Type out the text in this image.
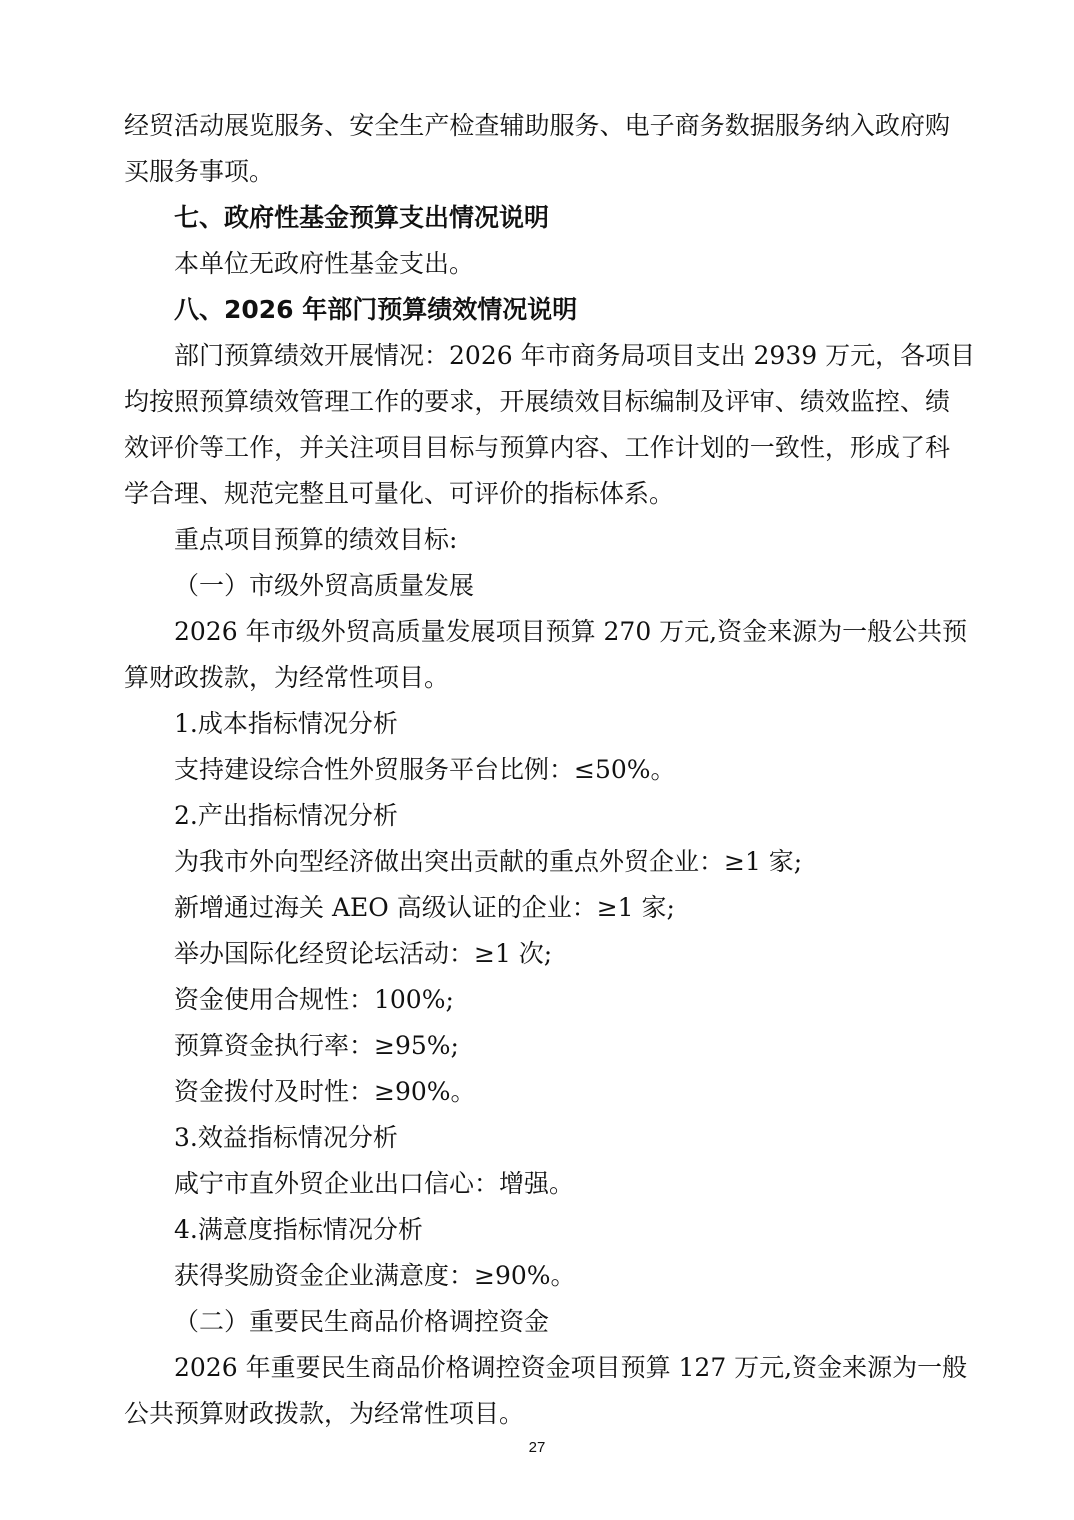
经贸活动展览服务、安全生产检查辅助服务、电子商务数据服务纳入政府购
买服务事项。
七、政府性基金预算支出情况说明
本单位无政府性基金支出。
八、2026 年部门预算绩效情况说明
部门预算绩效开展情况：2026 年市商务局项目支出 2939 万元，各项目
均按照预算绩效管理工作的要求，开展绩效目标编制及评审、绩效监控、绩
效评价等工作，并关注项目目标与预算内容、工作计划的一致性，形成了科
学合理、规范完整且可量化、可评价的指标体系。
重点项目预算的绩效目标:
（一）市级外贸高质量发展
2026 年市级外贸高质量发展项目预算 270 万元,资金来源为一般公共预
算财政拨款，为经常性项目。
1.成本指标情况分析
支持建设综合性外贸服务平台比例：≤50%。
2.产出指标情况分析
为我市外向型经济做出突出贡献的重点外贸企业：≥1 家;
新增通过海关 AEO 高级认证的企业：≥1 家;
举办国际化经贸论坛活动：≥1 次;
资金使用合规性：100%;
预算资金执行率：≥95%;
资金拨付及时性：≥90%。
3.效益指标情况分析
咸宁市直外贸企业出口信心：增强。
4.满意度指标情况分析
获得奖励资金企业满意度：≥90%。
（二）重要民生商品价格调控资金
2026 年重要民生商品价格调控资金项目预算 127 万元,资金来源为一般
公共预算财政拨款，为经常性项目。
27
